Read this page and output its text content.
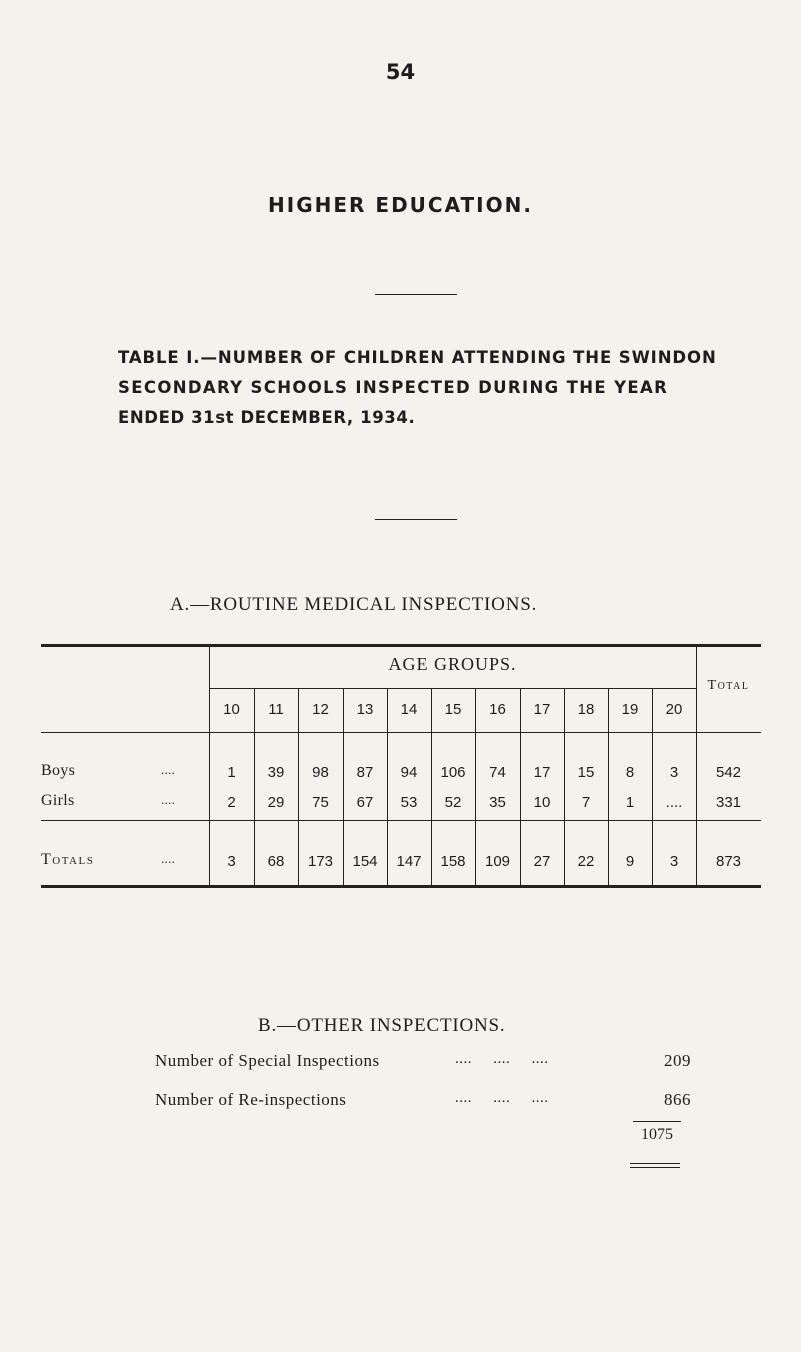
54
HIGHER EDUCATION.
TABLE I.—NUMBER OF CHILDREN ATTENDING THE SWINDON
SECONDARY SCHOOLS INSPECTED DURING THE YEAR
ENDED 31st DECEMBER, 1934.
A.—ROUTINE MEDICAL INSPECTIONS.
AGE GROUPS.
Total
10	11	12	13	14	15	16	17	18	19	20
Boys	....	1	39	98	87	94	106	74	17	15	8	3	542
Girls	....	2	29	75	67	53	52	35	10	7	1	....	331
Totals	....	3	68	173	154	147	158	109	27	22	9	3	873
B.—OTHER INSPECTIONS.
Number of Special Inspections	....     ....     ....	209
Number of Re-inspections	....     ....     ....	866
1075
